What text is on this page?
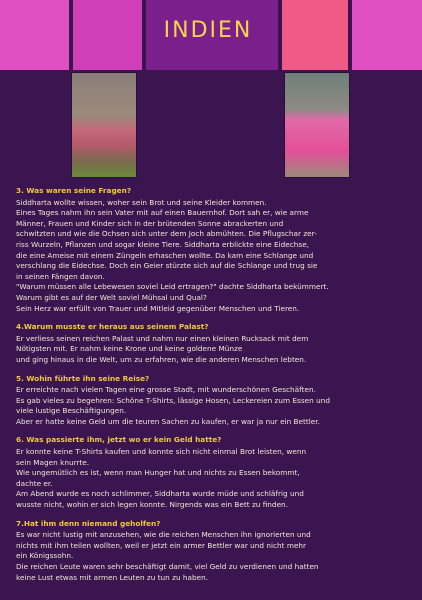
INDIEN
3. Was waren seine Fragen?
Siddharta wollte wissen, woher sein Brot und seine Kleider kommen.
Eines Tages nahm ihn sein Vater mit auf einen Bauernhof. Dort sah er, wie arme
Männer, Frauen und Kinder sich in der brütenden Sonne abrackerten und
schwitzten und wie die Ochsen sich unter dem Joch abmühten. Die Pflugschar zer-
riss Wurzeln, Pflanzen und sogar kleine Tiere. Siddharta erblickte eine Eidechse,
die eine Ameise mit einem Züngeln erhaschen wollte. Da kam eine Schlange und
verschlang die Eidechse. Doch ein Geier stürzte sich auf die Schlange und trug sie
in seinen Fängen davon.
"Warum müssen alle Lebewesen soviel Leid ertragen?" dachte Siddharta bekümmert.
Warum gibt es auf der Welt soviel Mühsal und Qual?
Sein Herz war erfüllt von Trauer und Mitleid gegenüber Menschen und Tieren.
4.Warum musste er heraus aus seinem Palast?
Er verliess seinen reichen Palast und nahm nur einen kleinen Rucksack mit dem
Nötigsten mit. Er nahm keine Krone und keine goldene Münze
und ging hinaus in die Welt, um zu erfahren, wie die anderen Menschen lebten.
5. Wohin führte ihn seine Reise?
Er erreichte nach vielen Tagen eine grosse Stadt, mit wunderschönen Geschäften.
Es gab vieles zu begehren: Schöne T-Shirts, lässige Hosen, Leckereien zum Essen und
viele lustige Beschäftigungen.
Aber er hatte keine Geld um die teuren Sachen zu kaufen, er war ja nur ein Bettler.
6. Was passierte ihm, jetzt wo er kein Geld hatte?
Er konnte keine T-Shirts kaufen und konnte sich nicht einmal Brot leisten, wenn
sein Magen knurrte.
Wie ungemütlich es ist, wenn man Hunger hat und nichts zu Essen bekommt,
dachte er.
Am Abend wurde es noch schlimmer, Siddharta wurde müde und schläfrig und
wusste nicht, wohin er sich legen konnte. Nirgends was ein Bett zu finden.
7.Hat ihm denn niemand geholfen?
Es war nicht lustig mit anzusehen, wie die reichen Menschen ihn ignorierten und
nichts mit ihm teilen wollten, weil er jetzt ein armer Bettler war und nicht mehr
ein Königssohn.
Die reichen Leute waren sehr beschäftigt damit, viel Geld zu verdienen und hatten
keine Lust etwas mit armen Leuten zu tun zu haben.
